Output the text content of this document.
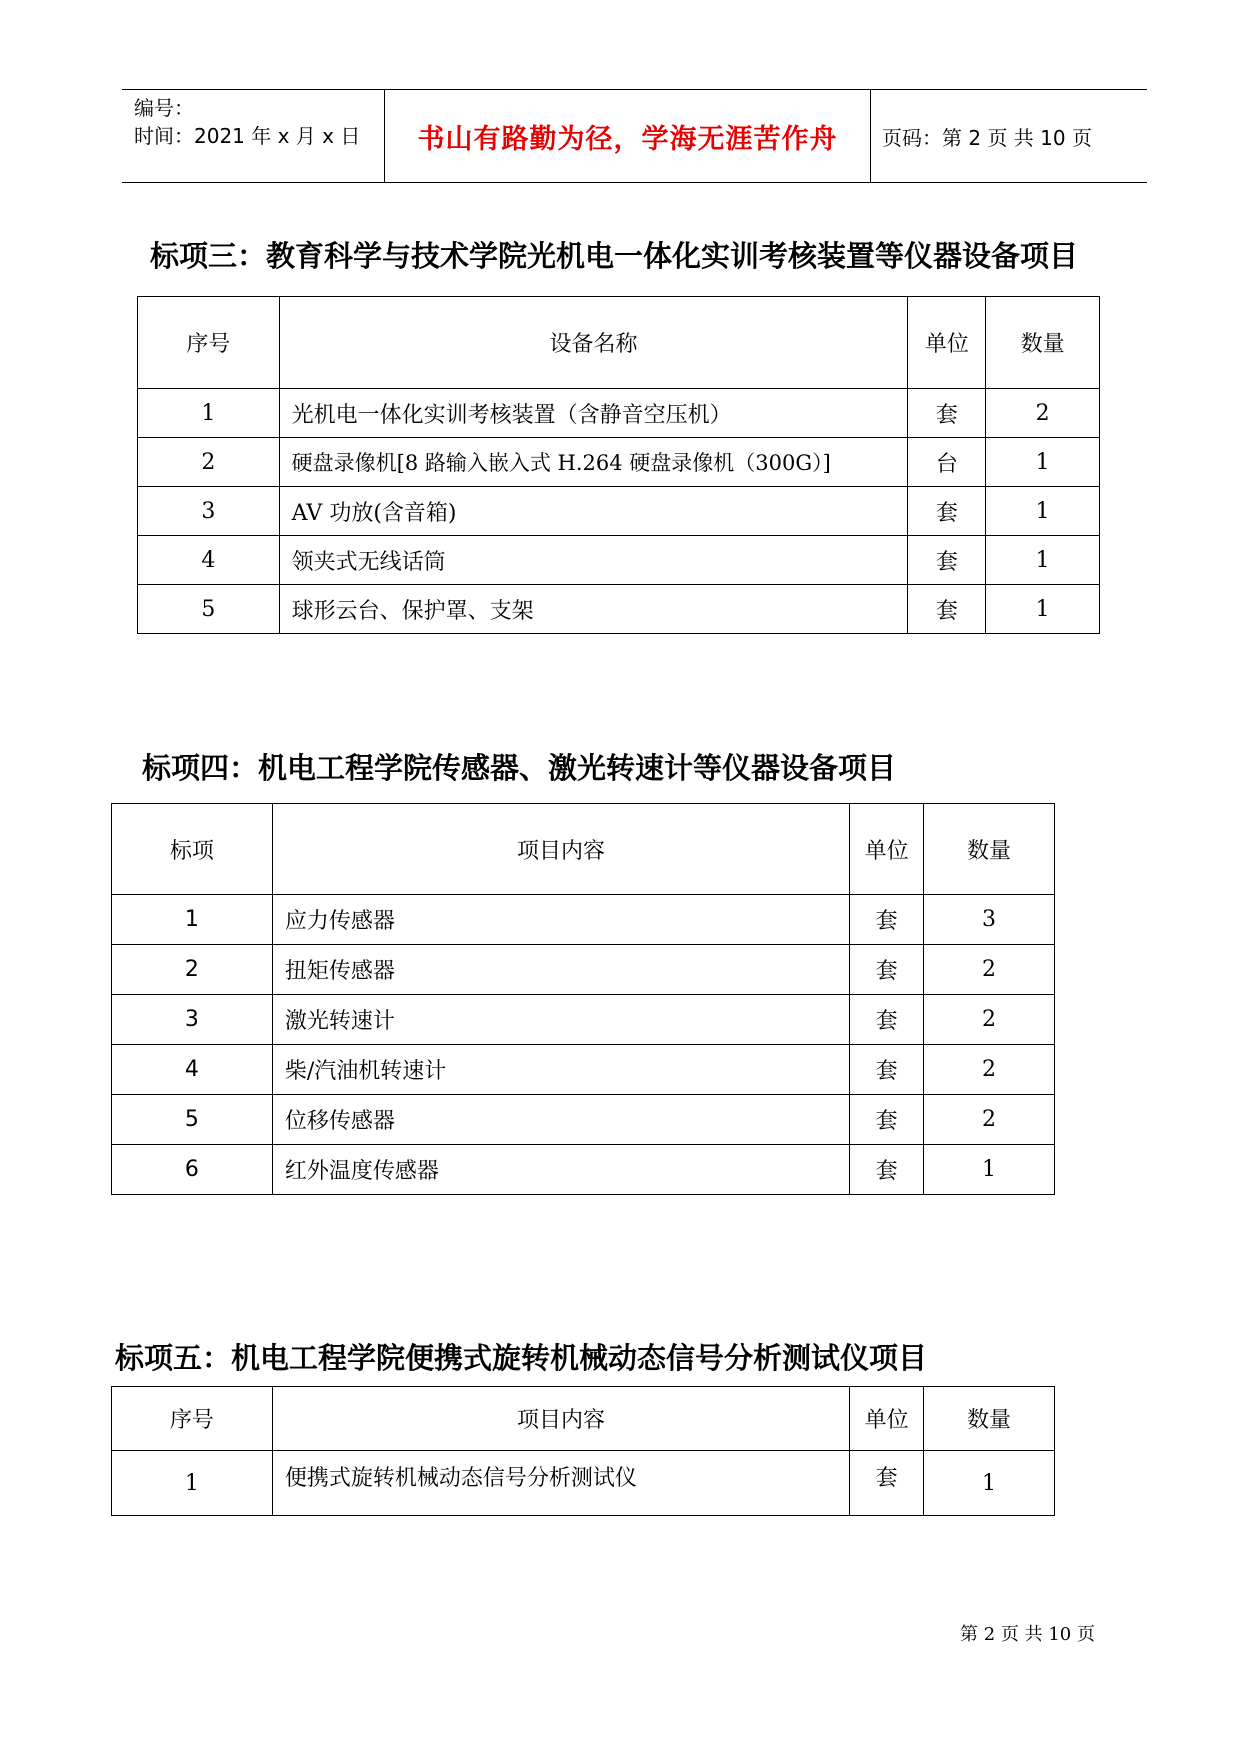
编号：
时间：2021 年 x 月 x 日 书山有路勤为径，学海无涯苦作舟 页码：第 2 页 共 10 页
标项三：教育科学与技术学院光机电一体化实训考核装置等仪器设备项目
序号	设备名称	单位	数量
1	光机电一体化实训考核装置（含静音空压机）	套	2
2	硬盘录像机[8 路输入嵌入式 H.264 硬盘录像机（300G）]	台	1
3	AV 功放(含音箱)	套	1
4	领夹式无线话筒	套	1
5	球形云台、保护罩、支架	套	1
标项四：机电工程学院传感器、激光转速计等仪器设备项目
标项	项目内容	单位	数量
1	应力传感器	套	3
2	扭矩传感器	套	2
3	激光转速计	套	2
4	柴/汽油机转速计	套	2
5	位移传感器	套	2
6	红外温度传感器	套	1
标项五：机电工程学院便携式旋转机械动态信号分析测试仪项目
序号	项目内容	单位	数量
1	便携式旋转机械动态信号分析测试仪	套	1
第 2 页 共 10 页
